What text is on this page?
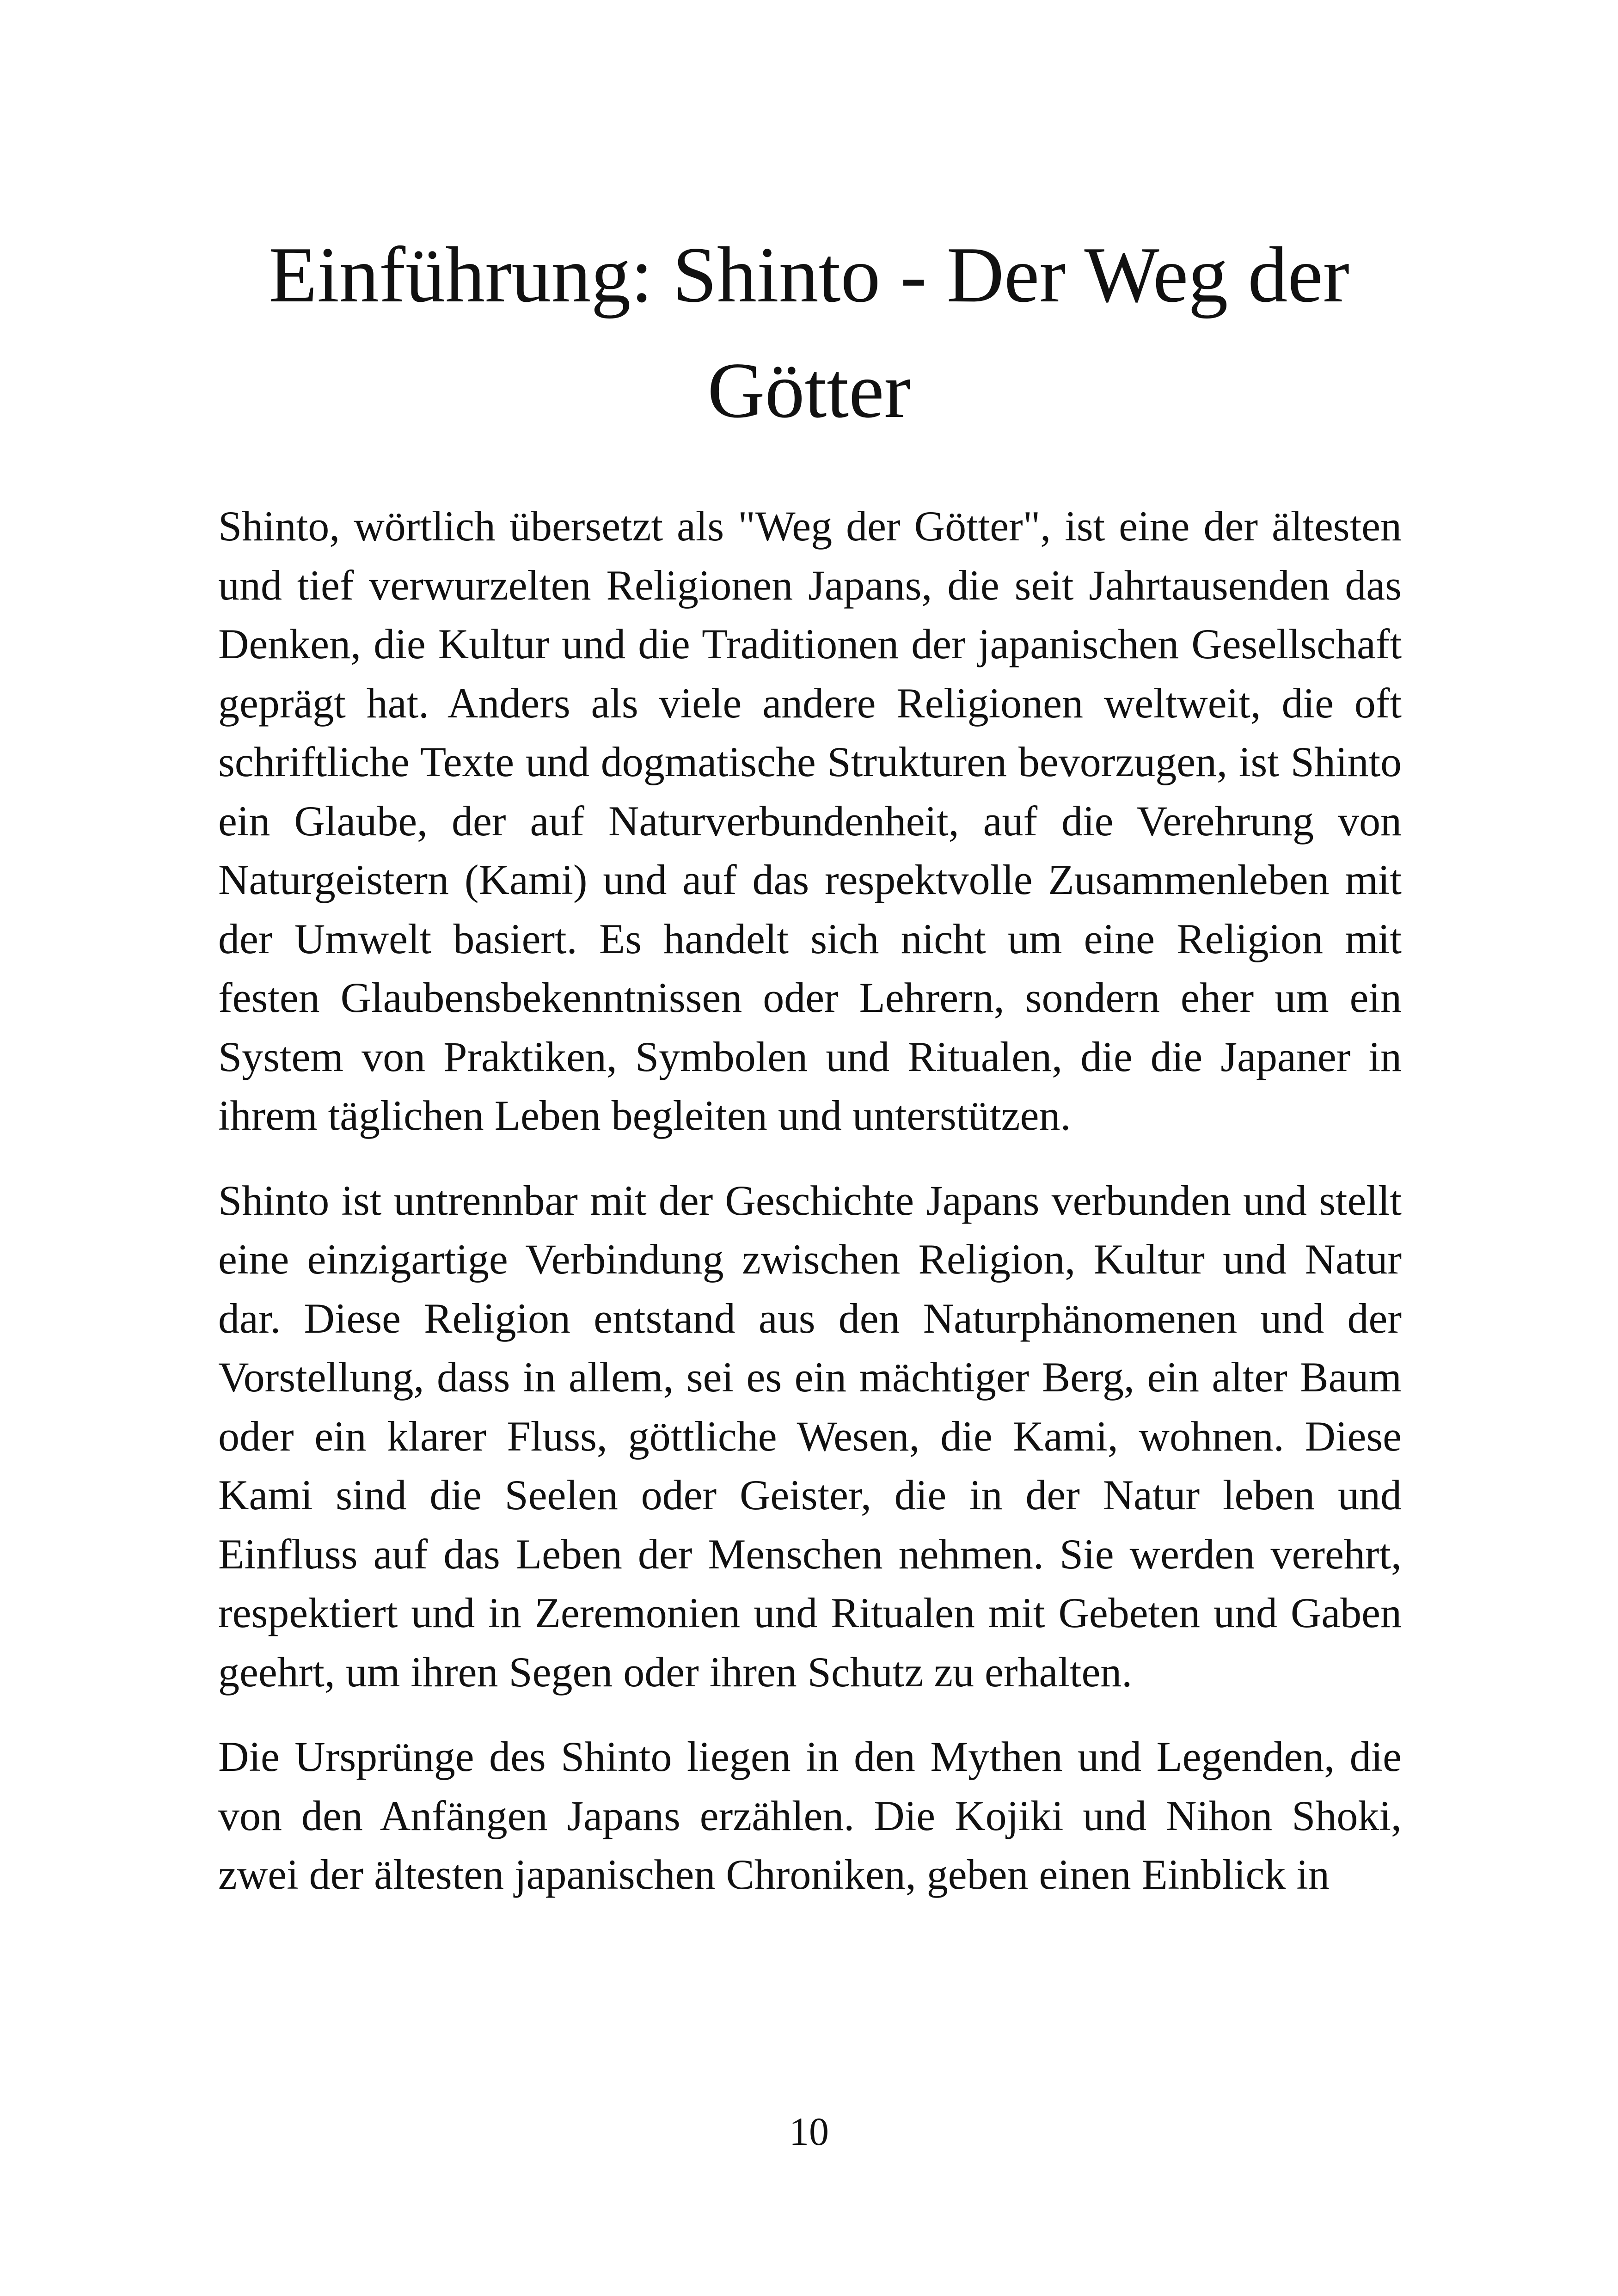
Einführung: Shinto - Der Weg der Götter

Shinto, wörtlich übersetzt als "Weg der Götter", ist eine der ältesten und tief verwurzelten Religionen Japans, die seit Jahrtausenden das Denken, die Kultur und die Traditionen der japanischen Gesellschaft geprägt hat. Anders als viele andere Religionen weltweit, die oft schriftliche Texte und dogmatische Strukturen bevorzugen, ist Shinto ein Glaube, der auf Naturverbundenheit, auf die Verehrung von Naturgeistern (Kami) und auf das respektvolle Zusammenleben mit der Umwelt basiert. Es handelt sich nicht um eine Religion mit festen Glaubensbekenntnissen oder Lehrern, sondern eher um ein System von Praktiken, Symbolen und Ritualen, die die Japaner in ihrem täglichen Leben begleiten und unterstützen.

Shinto ist untrennbar mit der Geschichte Japans verbunden und stellt eine einzigartige Verbindung zwischen Religion, Kultur und Natur dar. Diese Religion entstand aus den Naturphänomenen und der Vorstellung, dass in allem, sei es ein mächtiger Berg, ein alter Baum oder ein klarer Fluss, göttliche Wesen, die Kami, wohnen. Diese Kami sind die Seelen oder Geister, die in der Natur leben und Einfluss auf das Leben der Menschen nehmen. Sie werden verehrt, respektiert und in Zeremonien und Ritualen mit Gebeten und Gaben geehrt, um ihren Segen oder ihren Schutz zu erhalten.

Die Ursprünge des Shinto liegen in den Mythen und Legenden, die von den Anfängen Japans erzählen. Die Kojiki und Nihon Shoki, zwei der ältesten japanischen Chroniken, geben einen Einblick in

10
